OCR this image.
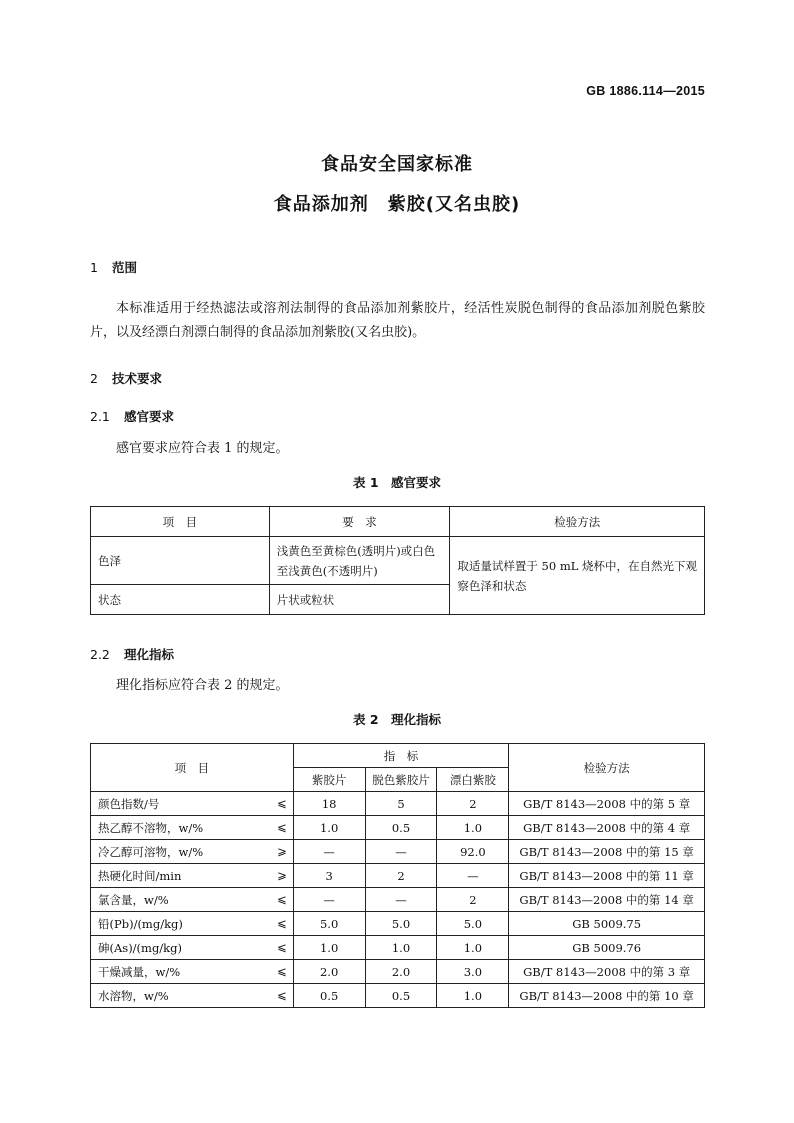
GB 1886.114—2015
食品安全国家标准
食品添加剂　紫胶(又名虫胶)
1 范围
本标准适用于经热滤法或溶剂法制得的食品添加剂紫胶片，经活性炭脱色制得的食品添加剂脱色紫胶片，以及经漂白剂漂白制得的食品添加剂紫胶(又名虫胶)。
2 技术要求
2.1 感官要求
感官要求应符合表 1 的规定。
表 1　感官要求
项　目	要　求	检验方法
色泽	浅黄色至黄棕色(透明片)或白色至浅黄色(不透明片)	取适量试样置于 50 mL 烧杯中，在自然光下观察色泽和状态
状态	片状或粒状	
2.2 理化指标
理化指标应符合表 2 的规定。
表 2　理化指标
项　目	指　标			检验方法
	紫胶片	脱色紫胶片	漂白紫胶	
颜色指数/号 ⩽	18	5	2	GB/T 8143—2008 中的第 5 章
热乙醇不溶物，w/% ⩽	1.0	0.5	1.0	GB/T 8143—2008 中的第 4 章
冷乙醇可溶物，w/% ⩾	—	—	92.0	GB/T 8143—2008 中的第 15 章
热硬化时间/min ⩾	3	2	—	GB/T 8143—2008 中的第 11 章
氯含量，w/% ⩽	—	—	2	GB/T 8143—2008 中的第 14 章
铅(Pb)/(mg/kg) ⩽	5.0	5.0	5.0	GB 5009.75
砷(As)/(mg/kg) ⩽	1.0	1.0	1.0	GB 5009.76
干燥减量，w/% ⩽	2.0	2.0	3.0	GB/T 8143—2008 中的第 3 章
水溶物，w/% ⩽	0.5	0.5	1.0	GB/T 8143—2008 中的第 10 章
